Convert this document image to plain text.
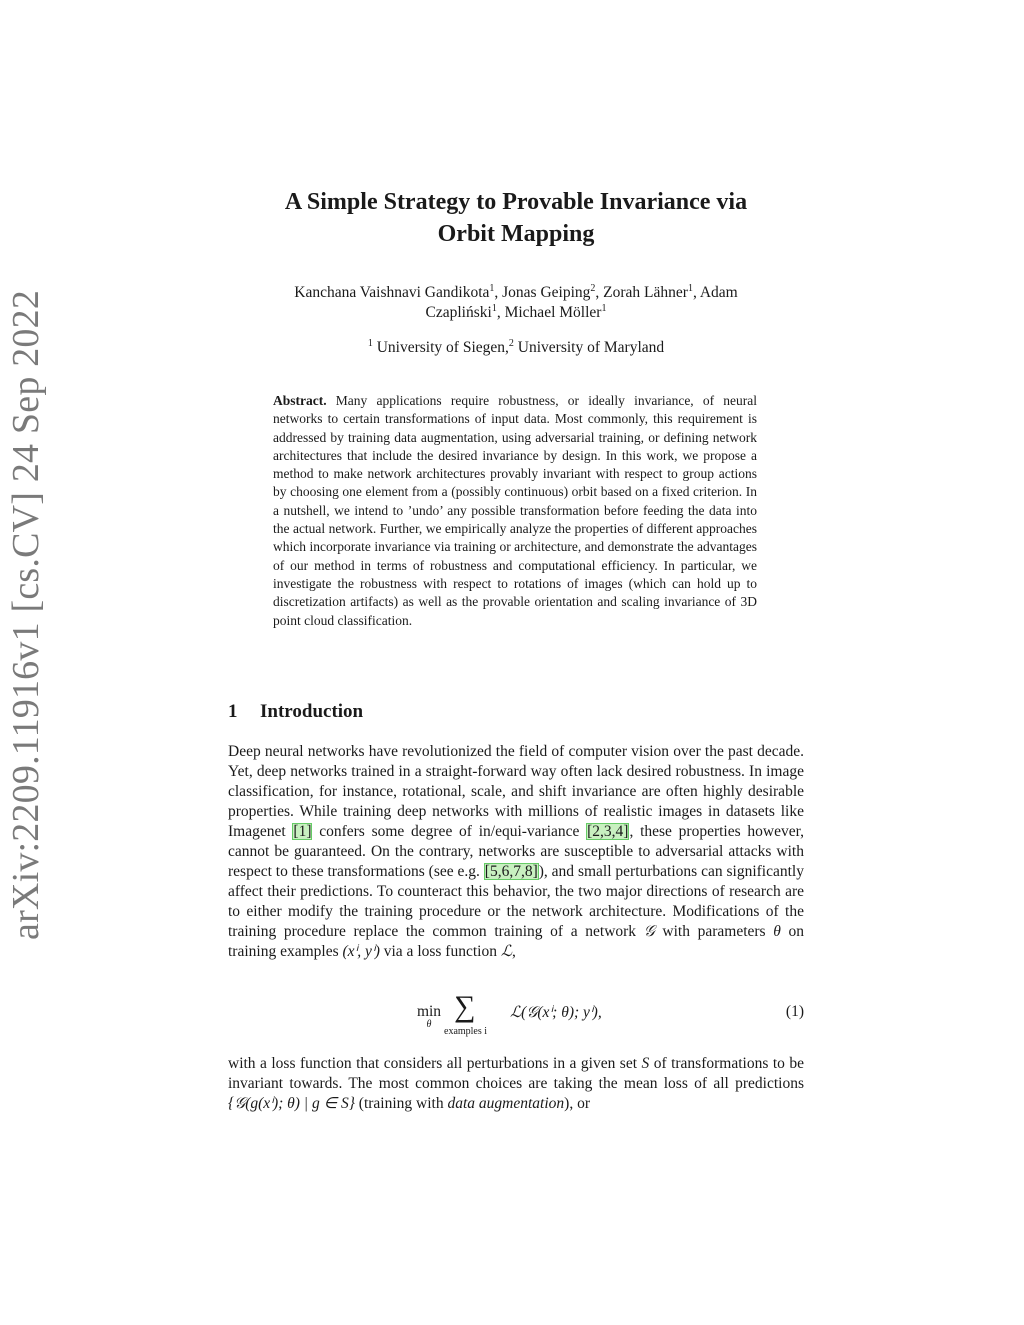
arXiv:2209.11916v1 [cs.CV] 24 Sep 2022
A Simple Strategy to Provable Invariance via
Orbit Mapping
Kanchana Vaishnavi Gandikota$^1$, Jonas Geiping$^2$, Zorah Lähner$^1$, Adam
Czapliński$^1$, Michael Möller$^1$
$^1$ University of Siegen,$^2$ University of Maryland
Abstract. Many applications require robustness, or ideally invariance, of neural networks to certain transformations of input data. Most commonly, this requirement is addressed by training data augmentation, using adversarial training, or defining network architectures that include the desired invariance by design. In this work, we propose a method to make network architectures provably invariant with respect to group actions by choosing one element from a (possibly continuous) orbit based on a fixed criterion. In a nutshell, we intend to ’undo’ any possible transformation before feeding the data into the actual network. Further, we empirically analyze the properties of different approaches which incorporate invariance via training or architecture, and demonstrate the advantages of our method in terms of robustness and computational efficiency. In particular, we investigate the robustness with respect to rotations of images (which can hold up to discretization artifacts) as well as the provable orientation and scaling invariance of 3D point cloud classification.
1 Introduction
Deep neural networks have revolutionized the field of computer vision over the past decade. Yet, deep networks trained in a straight-forward way often lack desired robustness. In image classification, for instance, rotational, scale, and shift invariance are often highly desirable properties. While training deep networks with millions of realistic images in datasets like Imagenet [1] confers some degree of in/equi-variance [2,3,4], these properties however, cannot be guaranteed. On the contrary, networks are susceptible to adversarial attacks with respect to these transformations (see e.g. [5,6,7,8]), and small perturbations can significantly affect their predictions. To counteract this behavior, the two major directions of research are to either modify the training procedure or the network architecture. Modifications of the training procedure replace the common training of a network 𝒢 with parameters θ on training examples (xⁱ, yⁱ) via a loss function ℒ,
min
θ
∑
examples i
ℒ(𝒢(xⁱ; θ); yⁱ),	(1)
with a loss function that considers all perturbations in a given set S of transformations to be invariant towards. The most common choices are taking the mean loss of all predictions {𝒢(g(xⁱ); θ) | g ∈ S} (training with data augmentation), or
